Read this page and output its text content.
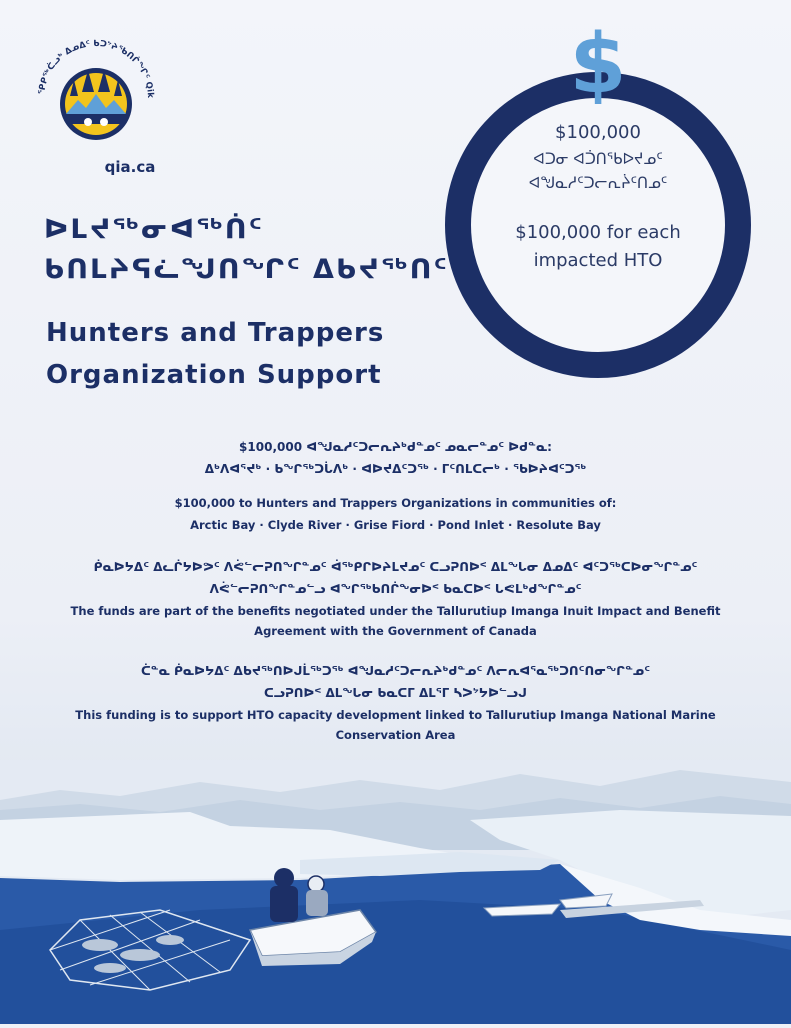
ᕿᑭᖅᑖᓗᒃ ᐃᓄᐃᑦ ᑲᑐᔾᔨᖃᑎᒌᖏᑦ Qik
qia.ca
ᐅᒪᔪᖅᓂᐊᖅᑏᑦ
ᑲᑎᒪᔨᕋᓛᖑᑎᖏᑦ ᐃᑲᔪᖅᑎᑦ
Hunters and Trappers
Organization Support
$
$100,000
ᐊᑐᓂ ᐊᑑᑎᖃᐅᔪᓄᑦ
ᐊᖑᓇᓱᑦᑐᓕᕆᔩᑦᑎᓄᑦ
$100,000 for each
impacted HTO
$100,000 ᐊᖑᓇᓱᑦᑐᓕᕆᔨᒃᑯᓐᓄᑦ ᓄᓇᓕᓐᓄᑦ ᐅᑯᓐᓇ:
ᐃᒃᐱᐊᕐᔪᒃ · ᑲᖏᖅᑐᒑᐱᒃ · ᐊᐅᔪᐃᑦᑐᖅ · ᒥᑦᑎᒪᑕᓕᒃ · ᖃᐅᔨᐊᑦᑐᖅ
$100,000 to Hunters and Trappers Organizations in communities of:
Arctic Bay · Clyde River · Grise Fiord · Pond Inlet · Resolute Bay
ᑮᓇᐅᔭᐃᑦ ᐃᓚᒌᔭᐅᕗᑦ ᐱᕚᓪᓕᕈᑎᖏᓐᓄᑦ ᐋᖅᑭᒋᐅᔨᒪᔪᓄᑦ ᑕᓗᕈᑎᐅᑉ ᐃᒪᖓᓂ ᐃᓄᐃᑦ ᐊᑦᑐᖅᑕᐅᓂᖏᓐᓄᑦ
ᐱᕚᓪᓕᕈᑎᖏᓐᓄᓪᓗ ᐊᖏᖅᑲᑎᒌᖕᓂᐅᑉ ᑲᓇᑕᐅᑉ ᒐᕙᒪᒃᑯᖏᓐᓄᑦ
The funds are part of the benefits negotiated under the Tallurutiup Imanga Inuit Impact and Benefit
Agreement with the Government of Canada
ᑖᓐᓇ ᑮᓇᐅᔭᐃᑦ ᐃᑲᔪᖅᑎᐅᒍᒫᖅᑐᖅ ᐊᖑᓇᓱᑦᑐᓕᕆᔨᒃᑯᓐᓄᑦ ᐱᓕᕆᐊᕐᓇᖅᑐᑎᑦᑎᓂᖏᓐᓄᑦ
ᑕᓗᕈᑎᐅᑉ ᐃᒪᖓᓂ ᑲᓇᑕᒥ ᐃᒪᕐᒥ ᓴᐳᔾᔭᐅᓪᓗᒍ
This funding is to support HTO capacity development linked to Tallurutiup Imanga National Marine
Conservation Area
